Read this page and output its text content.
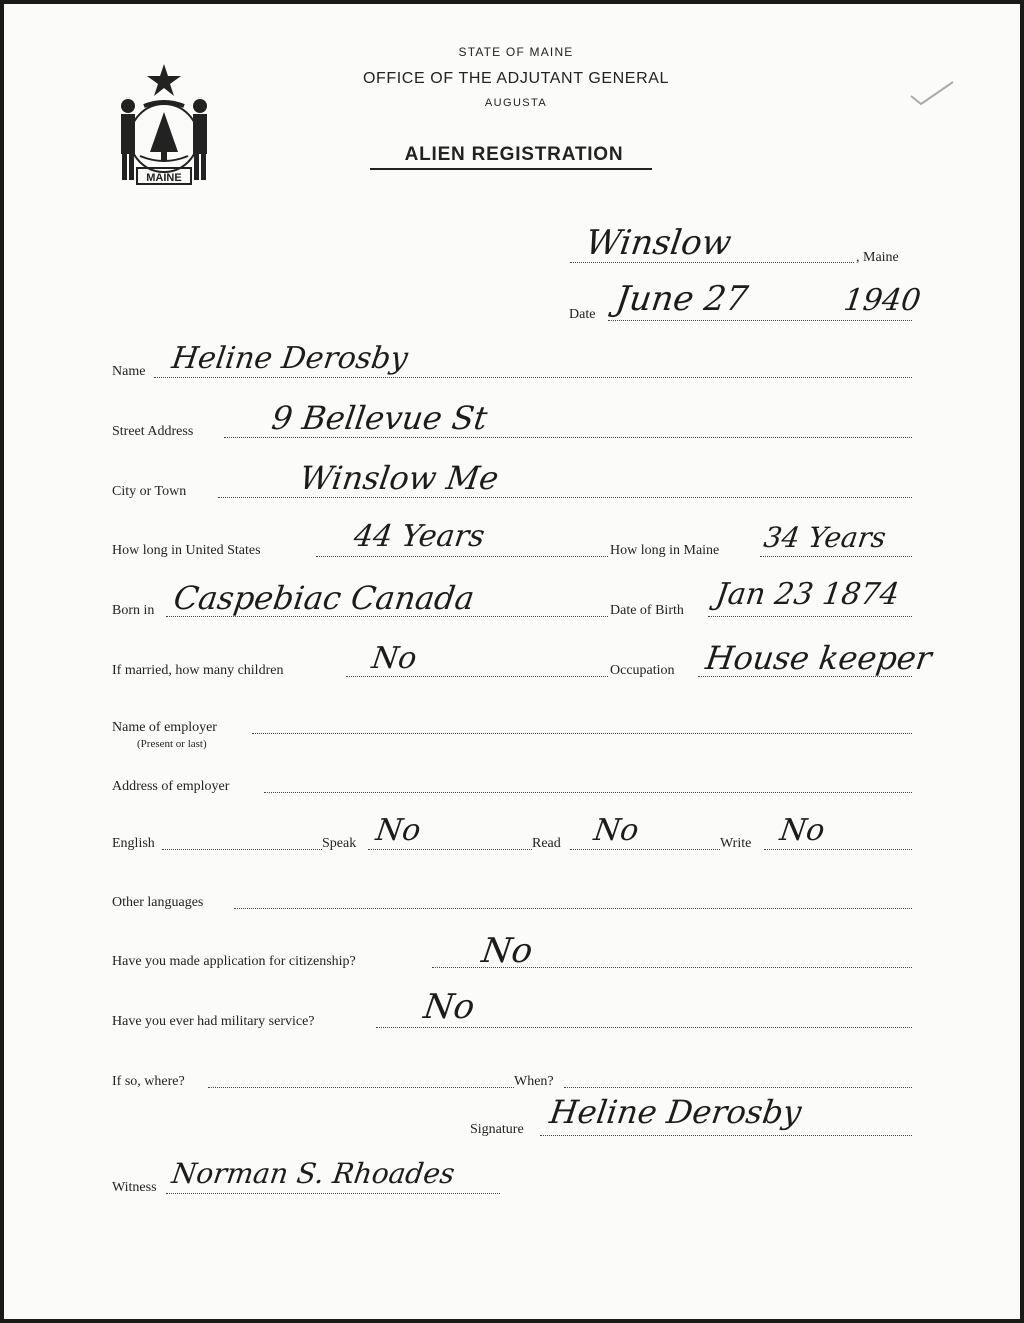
MAINE
STATE OF MAINE
OFFICE OF THE ADJUTANT GENERAL
AUGUSTA
ALIEN REGISTRATION
, Maine
Winslow
Date June 27	1940
Name Heline Derosby
Street Address 9 Bellevue St
City or Town	Winslow Me
How long in United States	44 Years	How long in Maine 34 Years
Born in Caspebiac Canada	Date of Birth Jan 23 1874
If married, how many children	No	Occupation House keeper
Name of employer
(Present or last)
Address of employer
English	Speak No	Read No	Write No
Other languages
Have you made application for citizenship?	No
Have you ever had military service?	No
If so, where?	When?
Signature Heline Derosby
Witness Norman S. Rhoades
